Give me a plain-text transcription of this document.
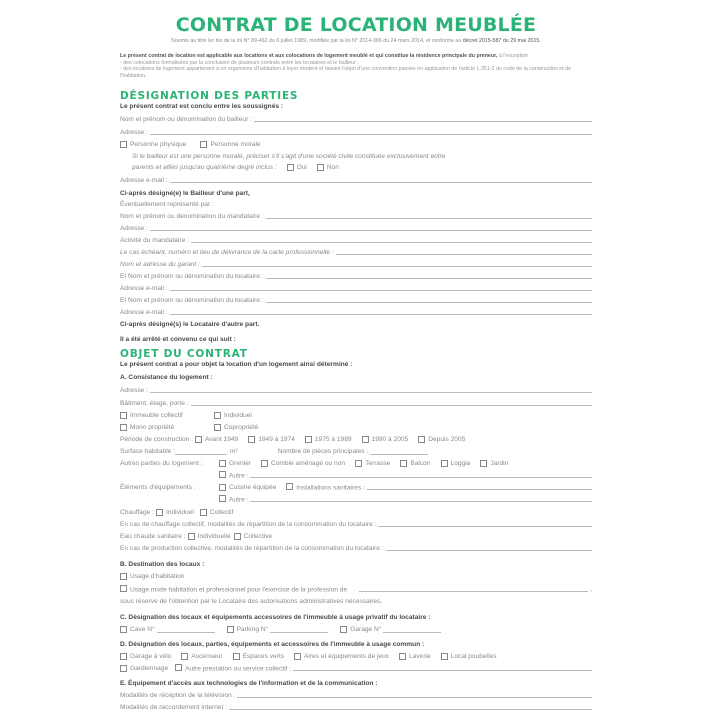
CONTRAT DE LOCATION MEUBLÉE
Soumis au titre Ier bis de la loi N° 89-462 du 6 juillet 1989, modifiée par la loi N° 2014-366 du 24 mars 2014, et conforme au décret 2015-587 du 29 mai 2015.
Le présent contrat de location est applicable aux locations et aux colocations de logement meublé et qui constitue la résidence principale du preneur, à l'exception :
- des colocations formalisées par la conclusion de plusieurs contrats entre les locataires et le bailleur ;
- des locations de logement appartenant à un organisme d'habitation à loyer modéré et faisant l'objet d'une convention passée en application de l'article L.351-2 du code de la construction et de l'habitation.
DÉSIGNATION DES PARTIES
Le présent contrat est conclu entre les soussignés :
Nom et prénom ou dénomination du bailleur :
Adresse :
Personne physique	Personne morale
Si le bailleur est une personne morale, préciser s'il s'agit d'une société civile constituée exclusivement entre
parents et alliés jusqu'au quatrième degré inclus :	Oui	Non
Adresse e-mail :
Ci-après désigné(e) le Bailleur d'une part,
Éventuellement représenté par :
Nom et prénom ou dénomination du mandataire :
Adresse :
Activité du mandataire :
Le cas échéant, numéro et lieu de délivrance de la carte professionnelle :
Nom et adresse du garant :
Et Nom et prénom ou dénomination du locataire :
Adresse e-mail :
Et Nom et prénom ou dénomination du locataire :
Adresse e-mail :
Ci-après désigné(s) le Locataire d'autre part.
Il a été arrêté et convenu ce qui suit :
OBJET DU CONTRAT
Le présent contrat a pour objet la location d'un logement ainsi déterminé :
A. Consistance du logement :
Adresse :
Bâtiment, étage, porte :
Immeuble collectif	Individuel
Mono propriété	Copropriété
Période de construction : Avant 1949	1949 à 1974	1975 à 1989	1990 à 2005	Depuis 2005
Surface habitable :	m²	Nombre de pièces principales :
Autres parties du logement :	Grenier	Comble aménagé ou non	Terrasse	Balcon	Loggia	Jardin
Autre :
Éléments d'équipements :	Cuisine équipée	Installations sanitaires :
Autre :
Chauffage : Individuel Collectif
En cas de chauffage collectif, modalités de répartition de la consommation du locataire :
Eau chaude sanitaire : Individuelle Collective
En cas de production collective, modalités de répartition de la consommation du locataire :
B. Destination des locaux :
Usage d'habitation
Usage mixte habitation et professionnel pour l'exercice de la profession de	,
sous réserve de l'obtention par le Locataire des autorisations administratives nécessaires.
C. Désignation des locaux et équipements accessoires de l'immeuble à usage privatif du locataire :
Cave N°	Parking N°	Garage N°
D. Désignation des locaux, parties, équipements et accessoires de l'immeuble à usage commun :
Garage à vélo	Ascenseur	Espaces verts	Aires et équipements de jeux	Laverie	Local poubelles
Gardiennage	Autre prestation ou service collectif :
E. Équipement d'accès aux technologies de l'information et de la communication :
Modalités de réception de la télévision :
Modalités de raccordement internet :
